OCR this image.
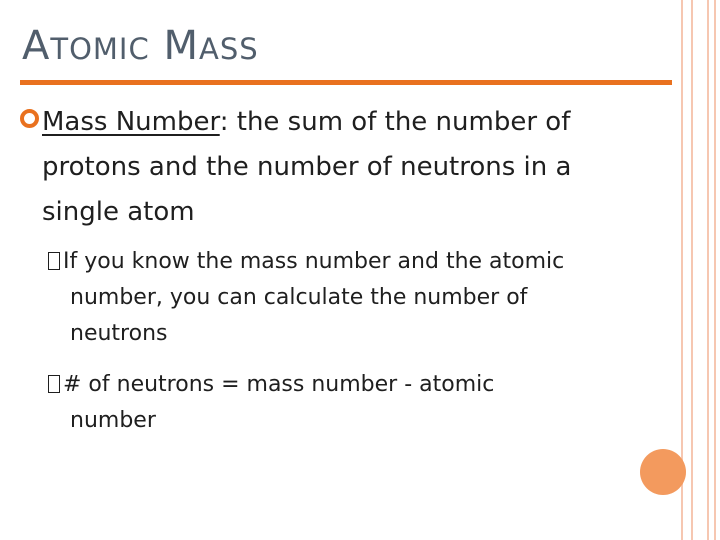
ATOMIC MASS
Mass Number: the sum of the number of
protons and the number of neutrons in a
single atom
If you know the mass number and the atomic
number, you can calculate the number of
neutrons
# of neutrons = mass number - atomic
number
